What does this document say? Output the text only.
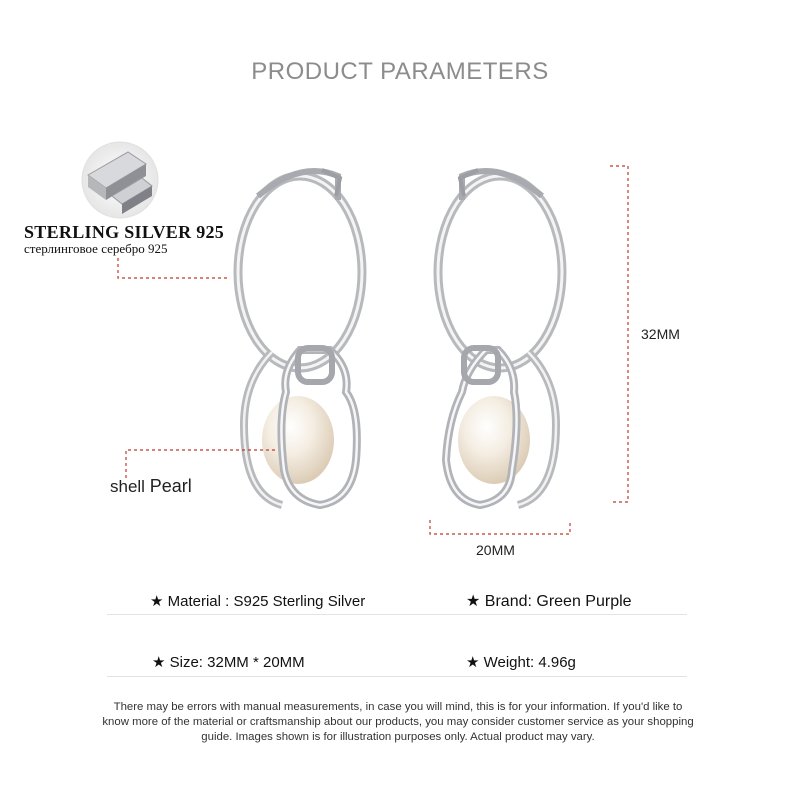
PRODUCT PARAMETERS
STERLING SILVER 925
стерлинговое серебро 925
shell Pearl
32MM
20MM
★ Material : S925 Sterling Silver	★ Brand: Green Purple
★ Size: 32MM * 20MM	★ Weight: 4.96g

There may be errors with manual measurements, in case you will mind, this is for your information. If you'd like to know more of the material or craftsmanship about our products, you may consider customer service as your shopping guide. Images shown is for illustration purposes only. Actual product may vary.
